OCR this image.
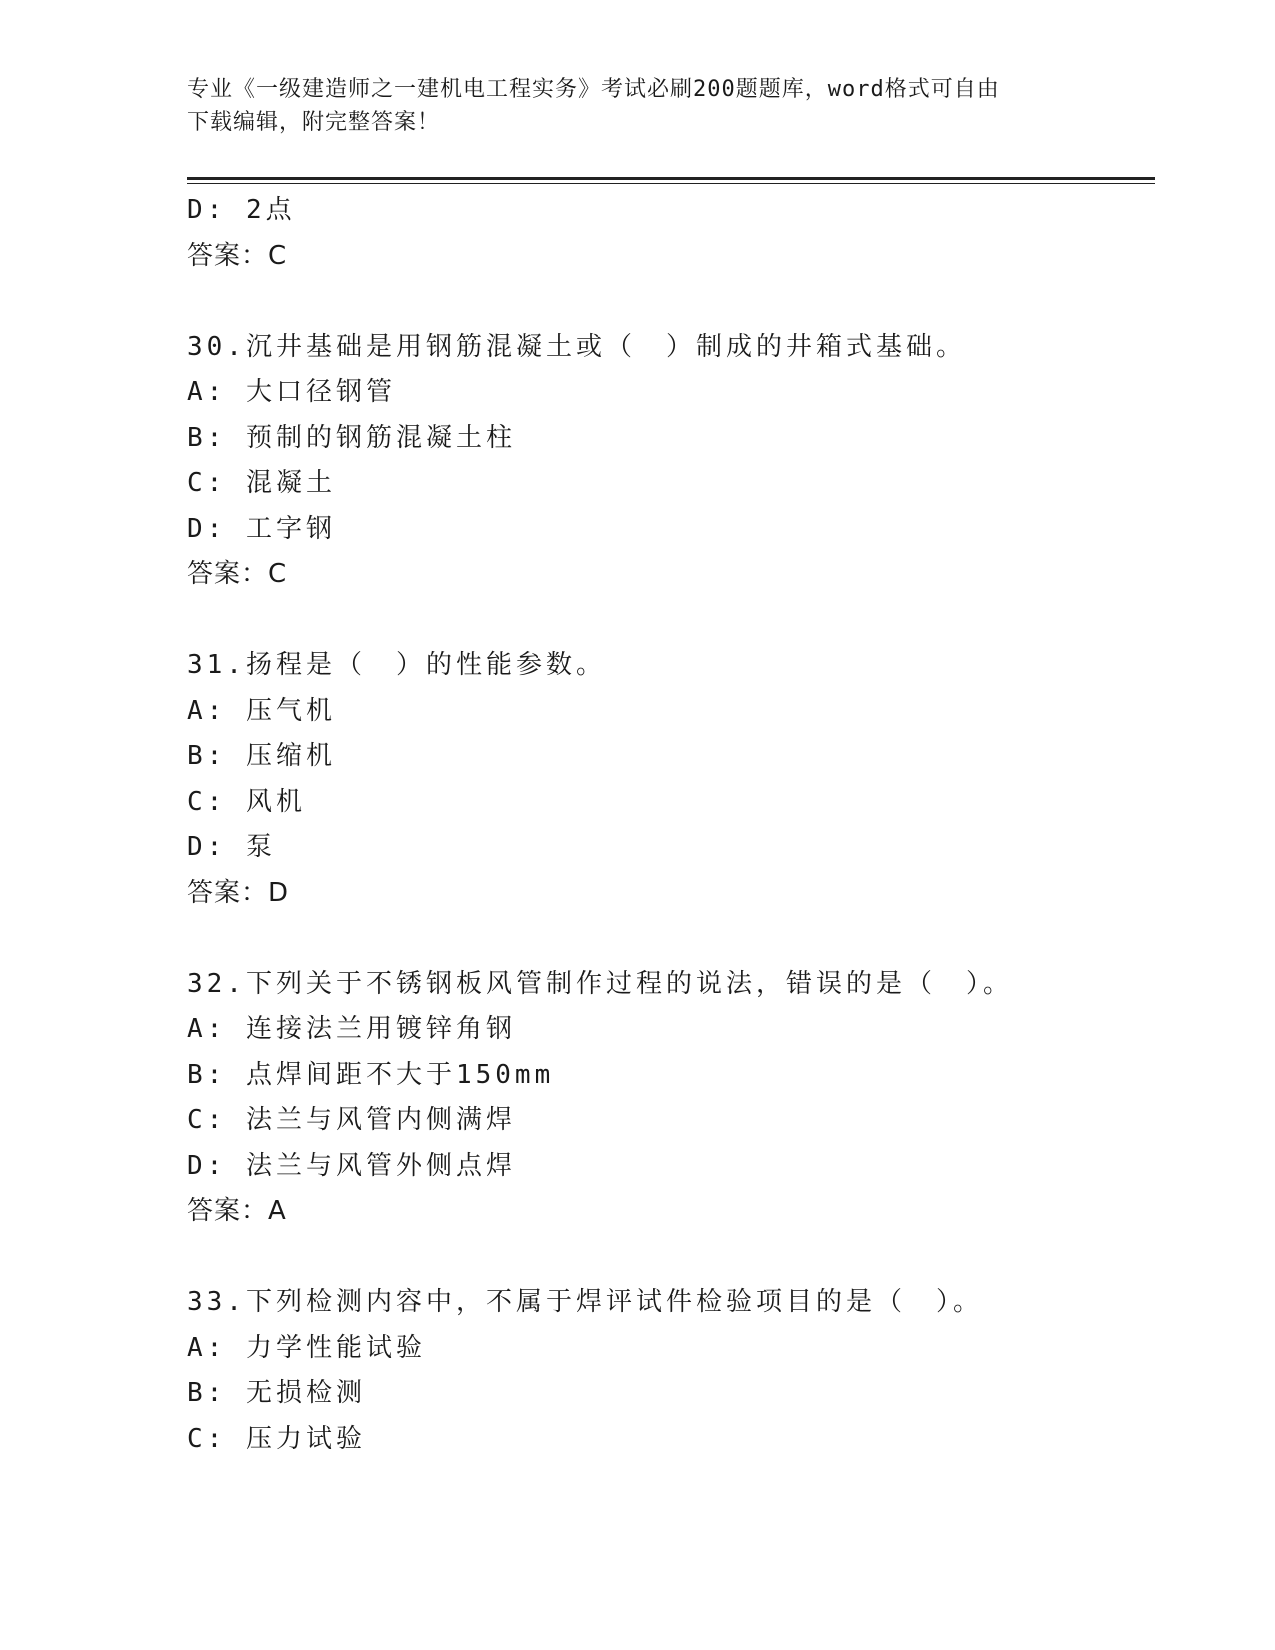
专业《一级建造师之一建机电工程实务》考试必刷200题题库，word格式可自由
下载编辑，附完整答案！
D: 2点
答案：C
30.沉井基础是用钢筋混凝土或（　）制成的井箱式基础。
A: 大口径钢管
B: 预制的钢筋混凝土柱
C: 混凝土
D: 工字钢
答案：C
31.扬程是（　）的性能参数。
A: 压气机
B: 压缩机
C: 风机
D: 泵
答案：D
32.下列关于不锈钢板风管制作过程的说法，错误的是（　）。
A: 连接法兰用镀锌角钢
B: 点焊间距不大于150mm
C: 法兰与风管内侧满焊
D: 法兰与风管外侧点焊
答案：A
33.下列检测内容中，不属于焊评试件检验项目的是（　）。
A: 力学性能试验
B: 无损检测
C: 压力试验
